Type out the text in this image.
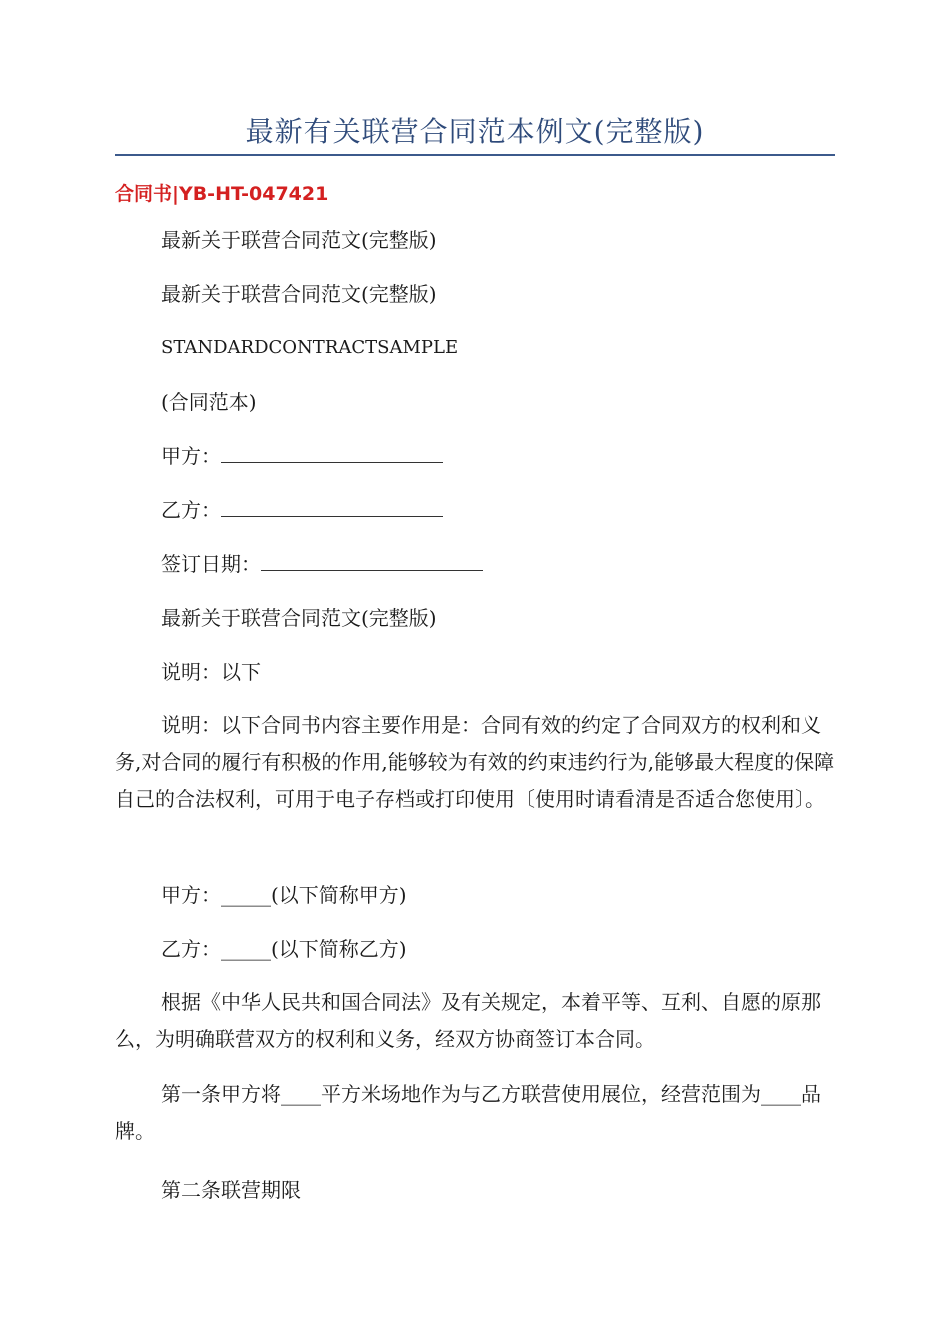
最新有关联营合同范本例文(完整版)
合同书|YB-HT-047421
最新关于联营合同范文(完整版)
最新关于联营合同范文(完整版)
STANDARDCONTRACTSAMPLE
(合同范本)
甲方：
乙方：
签订日期：
最新关于联营合同范文(完整版)
说明：以下
说明：以下合同书内容主要作用是：合同有效的约定了合同双方的权利和义务,对合同的履行有积极的作用,能够较为有效的约束违约行为,能够最大程度的保障自己的合法权利，可用于电子存档或打印使用〔使用时请看清是否适合您使用〕。
甲方：_____(以下简称甲方)
乙方：_____(以下简称乙方)
根据《中华人民共和国合同法》及有关规定，本着平等、互利、自愿的原那么，为明确联营双方的权利和义务，经双方协商签订本合同。
第一条甲方将____平方米场地作为与乙方联营使用展位，经营范围为____品牌。
第二条联营期限
